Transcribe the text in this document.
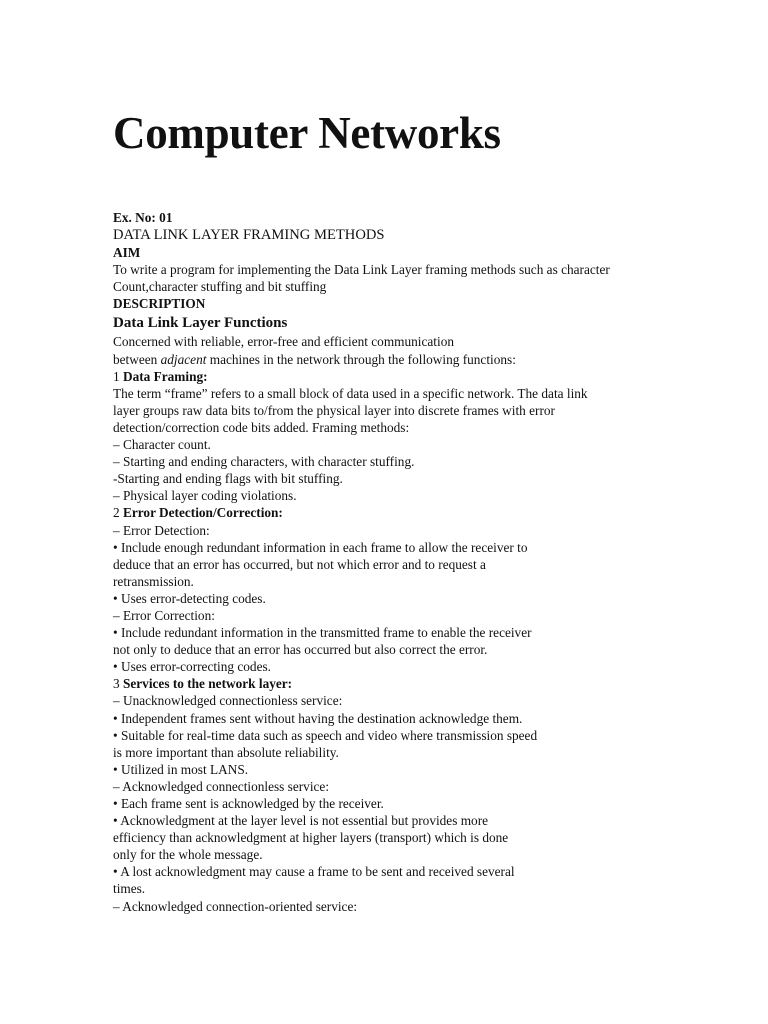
Computer Networks

Ex. No: 01

DATA LINK LAYER FRAMING METHODS

AIM

To write a program for implementing the Data Link Layer framing methods such as character

Count,character stuffing and bit stuffing

DESCRIPTION

Data Link Layer Functions

Concerned with reliable, error-free and efficient communication

between adjacent machines in the network through the following functions:

1 Data Framing:

The term “frame” refers to a small block of data used in a specific network. The data link

layer groups raw data bits to/from the physical layer into discrete frames with error

detection/correction code bits added. Framing methods:

– Character count.

– Starting and ending characters, with character stuffing.

-Starting and ending flags with bit stuffing.

– Physical layer coding violations.

2 Error Detection/Correction:

– Error Detection:

• Include enough redundant information in each frame to allow the receiver to

deduce that an error has occurred, but not which error and to request a

retransmission.

• Uses error-detecting codes.

– Error Correction:

• Include redundant information in the transmitted frame to enable the receiver

not only to deduce that an error has occurred but also correct the error.

• Uses error-correcting codes.

3 Services to the network layer:

– Unacknowledged connectionless service:

• Independent frames sent without having the destination acknowledge them.

• Suitable for real-time data such as speech and video where transmission speed

is more important than absolute reliability.

• Utilized in most LANS.

– Acknowledged connectionless service:

• Each frame sent is acknowledged by the receiver.

• Acknowledgment at the layer level is not essential but provides more

efficiency than acknowledgment at higher layers (transport) which is done

only for the whole message.

• A lost acknowledgment may cause a frame to be sent and received several

times.

– Acknowledged connection-oriented service:
